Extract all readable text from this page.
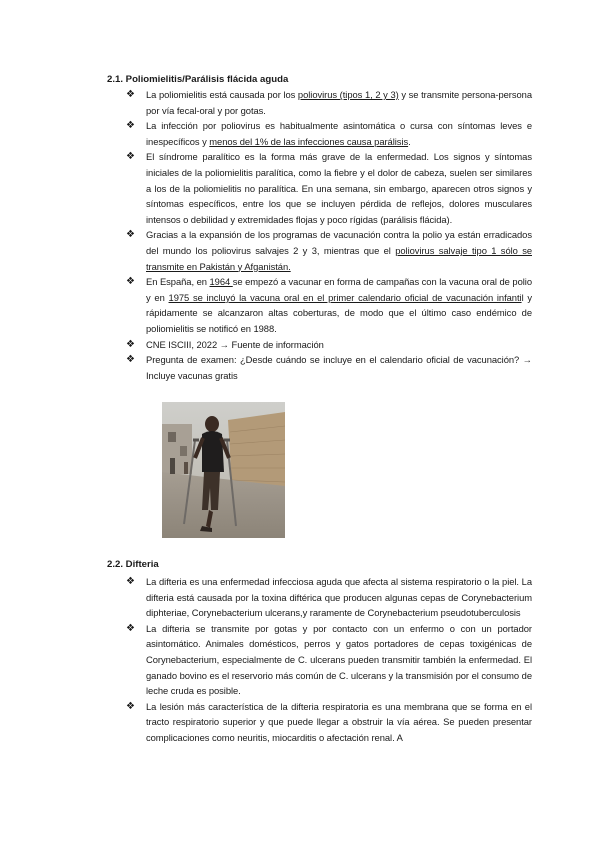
2.1. Poliomielitis/Parálisis flácida aguda
❖ La poliomielitis está causada por los poliovirus (tipos 1, 2 y 3) y se transmite persona-persona por vía fecal-oral y por gotas.
❖ La infección por poliovirus es habitualmente asintomática o cursa con síntomas leves e inespecíficos y menos del 1% de las infecciones causa parálisis.
❖ El síndrome paralítico es la forma más grave de la enfermedad. Los signos y síntomas iniciales de la poliomielitis paralítica, como la fiebre y el dolor de cabeza, suelen ser similares a los de la poliomielitis no paralítica. En una semana, sin embargo, aparecen otros signos y síntomas específicos, entre los que se incluyen pérdida de reflejos, dolores musculares intensos o debilidad y extremidades flojas y poco rígidas (parálisis flácida).
❖ Gracias a la expansión de los programas de vacunación contra la polio ya están erradicados del mundo los poliovirus salvajes 2 y 3, mientras que el poliovirus salvaje tipo 1 sólo se transmite en Pakistán y Afganistán.
❖ En España, en 1964 se empezó a vacunar en forma de campañas con la vacuna oral de polio y en 1975 se incluyó la vacuna oral en el primer calendario oficial de vacunación infantil y rápidamente se alcanzaron altas coberturas, de modo que el último caso endémico de poliomielitis se notificó en 1988.
❖ CNE ISCIII, 2022 → Fuente de información
❖ Pregunta de examen: ¿Desde cuándo se incluye en el calendario oficial de vacunación? → Incluye vacunas gratis
2.2. Difteria
❖ La difteria es una enfermedad infecciosa aguda que afecta al sistema respiratorio o la piel. La difteria está causada por la toxina diftérica que producen algunas cepas de Corynebacterium diphteriae, Corynebacterium ulcerans,y raramente de Corynebacterium pseudotuberculosis
❖ La difteria se transmite por gotas y por contacto con un enfermo o con un portador asintomático. Animales domésticos, perros y gatos portadores de cepas toxigénicas de Corynebacterium, especialmente de C. ulcerans pueden transmitir también la enfermedad. El ganado bovino es el reservorio más común de C. ulcerans y la transmisión por el consumo de leche cruda es posible.
❖ La lesión más característica de la difteria respiratoria es una membrana que se forma en el tracto respiratorio superior y que puede llegar a obstruir la vía aérea. Se pueden presentar complicaciones como neuritis, miocarditis o afectación renal. A
